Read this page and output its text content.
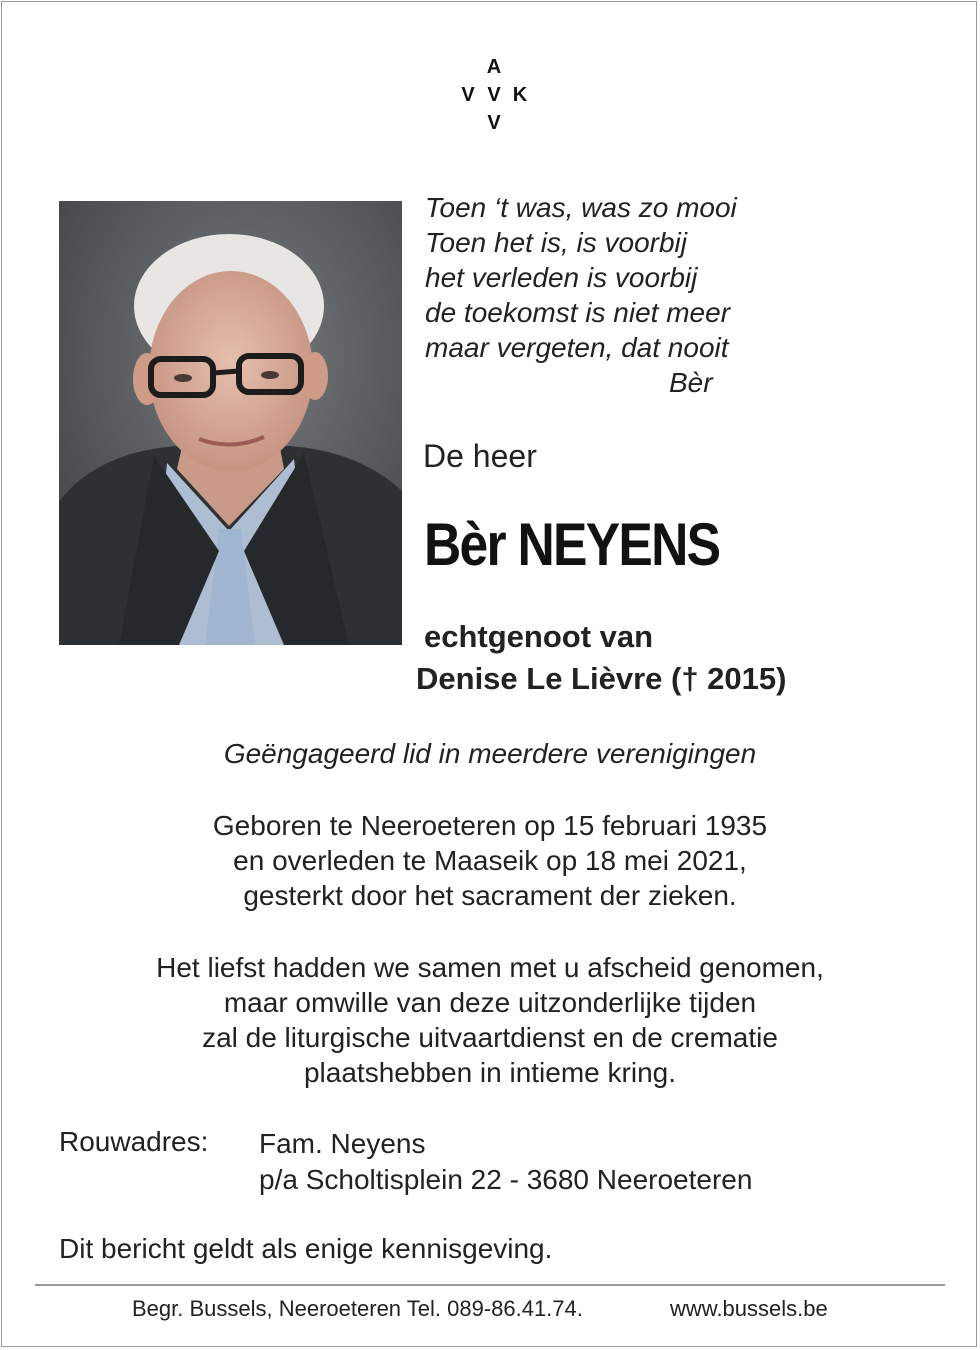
A
V V K
V
Toen ‘t was, was zo mooi
Toen het is, is voorbij
het verleden is voorbij
de toekomst is niet meer
maar vergeten, dat nooit
Bèr
De heer
Bèr NEYENS
echtgenoot van
Denise Le Lièvre († 2015)
Geëngageerd lid in meerdere verenigingen
Geboren te Neeroeteren op 15 februari 1935
en overleden te Maaseik op 18 mei 2021,
gesterkt door het sacrament der zieken.
Het liefst hadden we samen met u afscheid genomen,
maar omwille van deze uitzonderlijke tijden
zal de liturgische uitvaartdienst en de crematie
plaatshebben in intieme kring.
Rouwadres: Fam. Neyens
p/a Scholtisplein 22 - 3680 Neeroeteren
Dit bericht geldt als enige kennisgeving.
Begr. Bussels, Neeroeteren Tel. 089-86.41.74.	www.bussels.be
